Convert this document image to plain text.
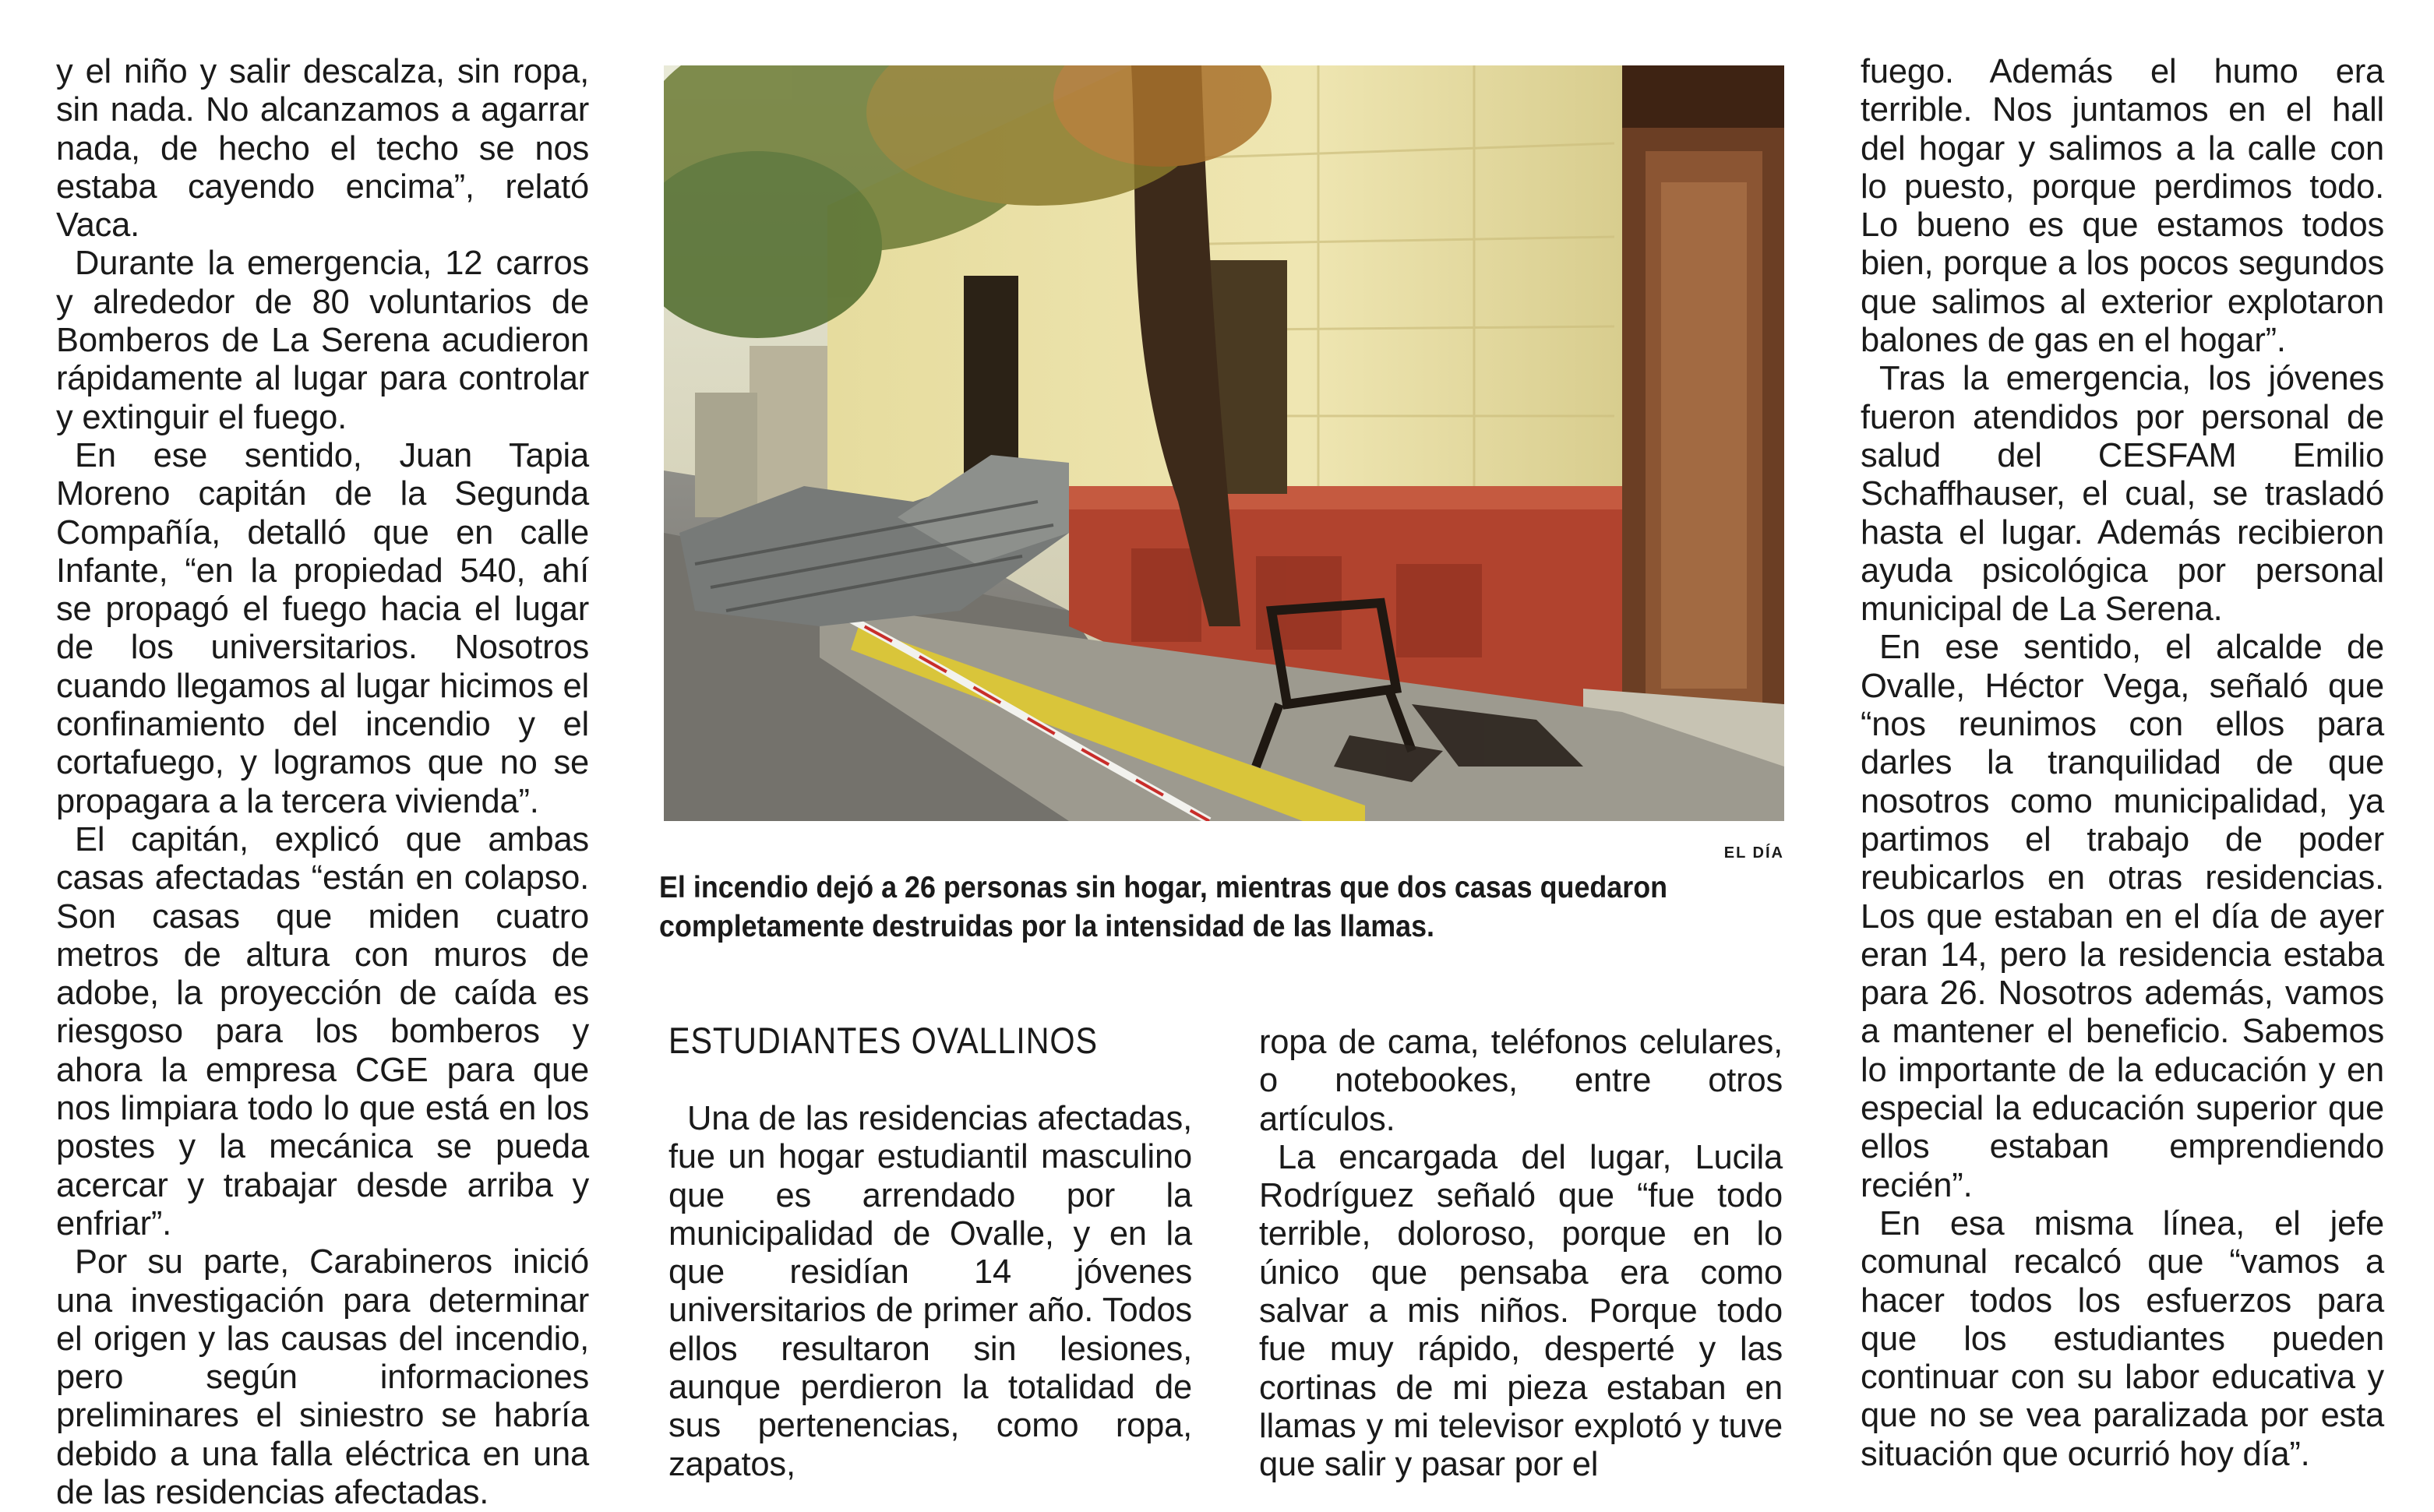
y el niño y salir descalza, sin ropa, sin nada. No alcanzamos a agarrar nada, de hecho el techo se nos estaba cayendo encima”, relató Vaca.

Durante la emergencia, 12 carros y alrededor de 80 voluntarios de Bomberos de La Serena acudieron rápidamente al lugar para controlar y extinguir el fuego.

En ese sentido, Juan Tapia Moreno capitán de la Segunda Compañía, detalló que en calle Infante, “en la propiedad 540, ahí se propagó el fuego hacia el lugar de los universitarios. Nosotros cuando llegamos al lugar hicimos el confinamiento del incendio y el cortafuego, y logramos que no se propagara a la tercera vivienda”.

El capitán, explicó que ambas casas afectadas “están en colapso. Son casas que miden cuatro metros de altura con muros de adobe, la proyección de caída es riesgoso para los bomberos y ahora la empresa CGE para que nos limpiara todo lo que está en los postes y la mecánica se pueda acercar y trabajar desde arriba y enfriar”.

Por su parte, Carabineros inició una investigación para determinar el origen y las causas del incendio, pero según informaciones preliminares el siniestro se habría debido a una falla eléctrica en una de las residencias afectadas.

EL DÍA
El incendio dejó a 26 personas sin hogar, mientras que dos casas quedaron completamente destruidas por la intensidad de las llamas.
ESTUDIANTES OVALLINOS

Una de las residencias afectadas, fue un hogar estudiantil masculino que es arrendado por la municipalidad de Ovalle, y en la que residían 14 jóvenes universitarios de primer año. Todos ellos resultaron sin lesiones, aunque perdieron la totalidad de sus pertenencias, como ropa, zapatos,

ropa de cama, teléfonos celulares, o notebookes, entre otros artículos.

La encargada del lugar, Lucila Rodríguez señaló que “fue todo terrible, doloroso, porque en lo único que pensaba era como salvar a mis niños. Porque todo fue muy rápido, desperté y las cortinas de mi pieza estaban en llamas y mi televisor explotó y tuve que salir y pasar por el

fuego. Además el humo era terrible. Nos juntamos en el hall del hogar y salimos a la calle con lo puesto, porque perdimos todo. Lo bueno es que estamos todos bien, porque a los pocos segundos que salimos al exterior explotaron balones de gas en el hogar”.

Tras la emergencia, los jóvenes fueron atendidos por personal de salud del CESFAM Emilio Schaffhauser, el cual, se trasladó hasta el lugar. Además recibieron ayuda psicológica por personal municipal de La Serena.

En ese sentido, el alcalde de Ovalle, Héctor Vega, señaló que “nos reunimos con ellos para darles la tranquilidad de que nosotros como municipalidad, ya partimos el trabajo de poder reubicarlos en otras residencias. Los que estaban en el día de ayer eran 14, pero la residencia estaba para 26. Nosotros además, vamos a mantener el beneficio. Sabemos lo importante de la educación y en especial la educación superior que ellos estaban emprendiendo recién”.

En esa misma línea, el jefe comunal recalcó que “vamos a hacer todos los esfuerzos para que los estudiantes pueden continuar con su labor educativa y que no se vea paralizada por esta situación que ocurrió hoy día”.
